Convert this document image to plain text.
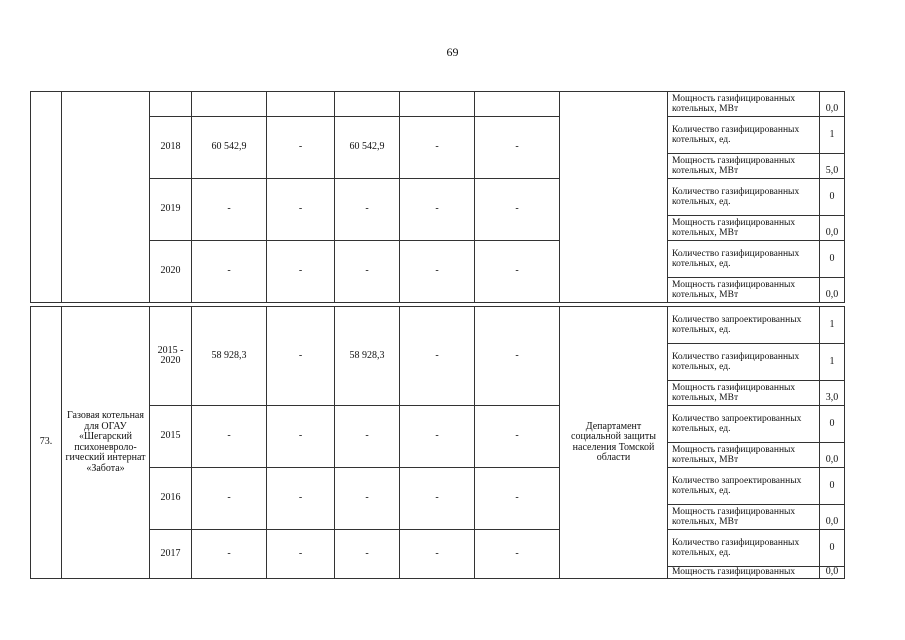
69
									Мощность газифицированных котельных, МВт	0,0
		2018	60 542,9	-	60 542,9	-	-		Количество газифицированных котельных, ед.	1
									Мощность газифицированных котельных, МВт	5,0
		2019	-	-	-	-	-		Количество газифицированных котельных, ед.	0
									Мощность газифицированных котельных, МВт	0,0
		2020	-	-	-	-	-		Количество газифицированных котельных, ед.	0
									Мощность газифицированных котельных, МВт	0,0
73.	Газовая котельная для ОГАУ «Шегарский психоневроло-гический интернат «Забота»	2015 - 2020	58 928,3	-	58 928,3	-	-	Департамент социальной защиты населения Томской области	Количество запроектированных котельных, ед.	1
									Количество газифицированных котельных, ед.	1
									Мощность газифицированных котельных, МВт	3,0
		2015	-	-	-	-	-		Количество запроектированных котельных, ед.	0
									Мощность газифицированных котельных, МВт	0,0
		2016	-	-	-	-	-		Количество запроектированных котельных, ед.	0
									Мощность газифицированных котельных, МВт	0,0
		2017	-	-	-	-	-		Количество газифицированных котельных, ед.	0
									Мощность газифицированных	0,0
